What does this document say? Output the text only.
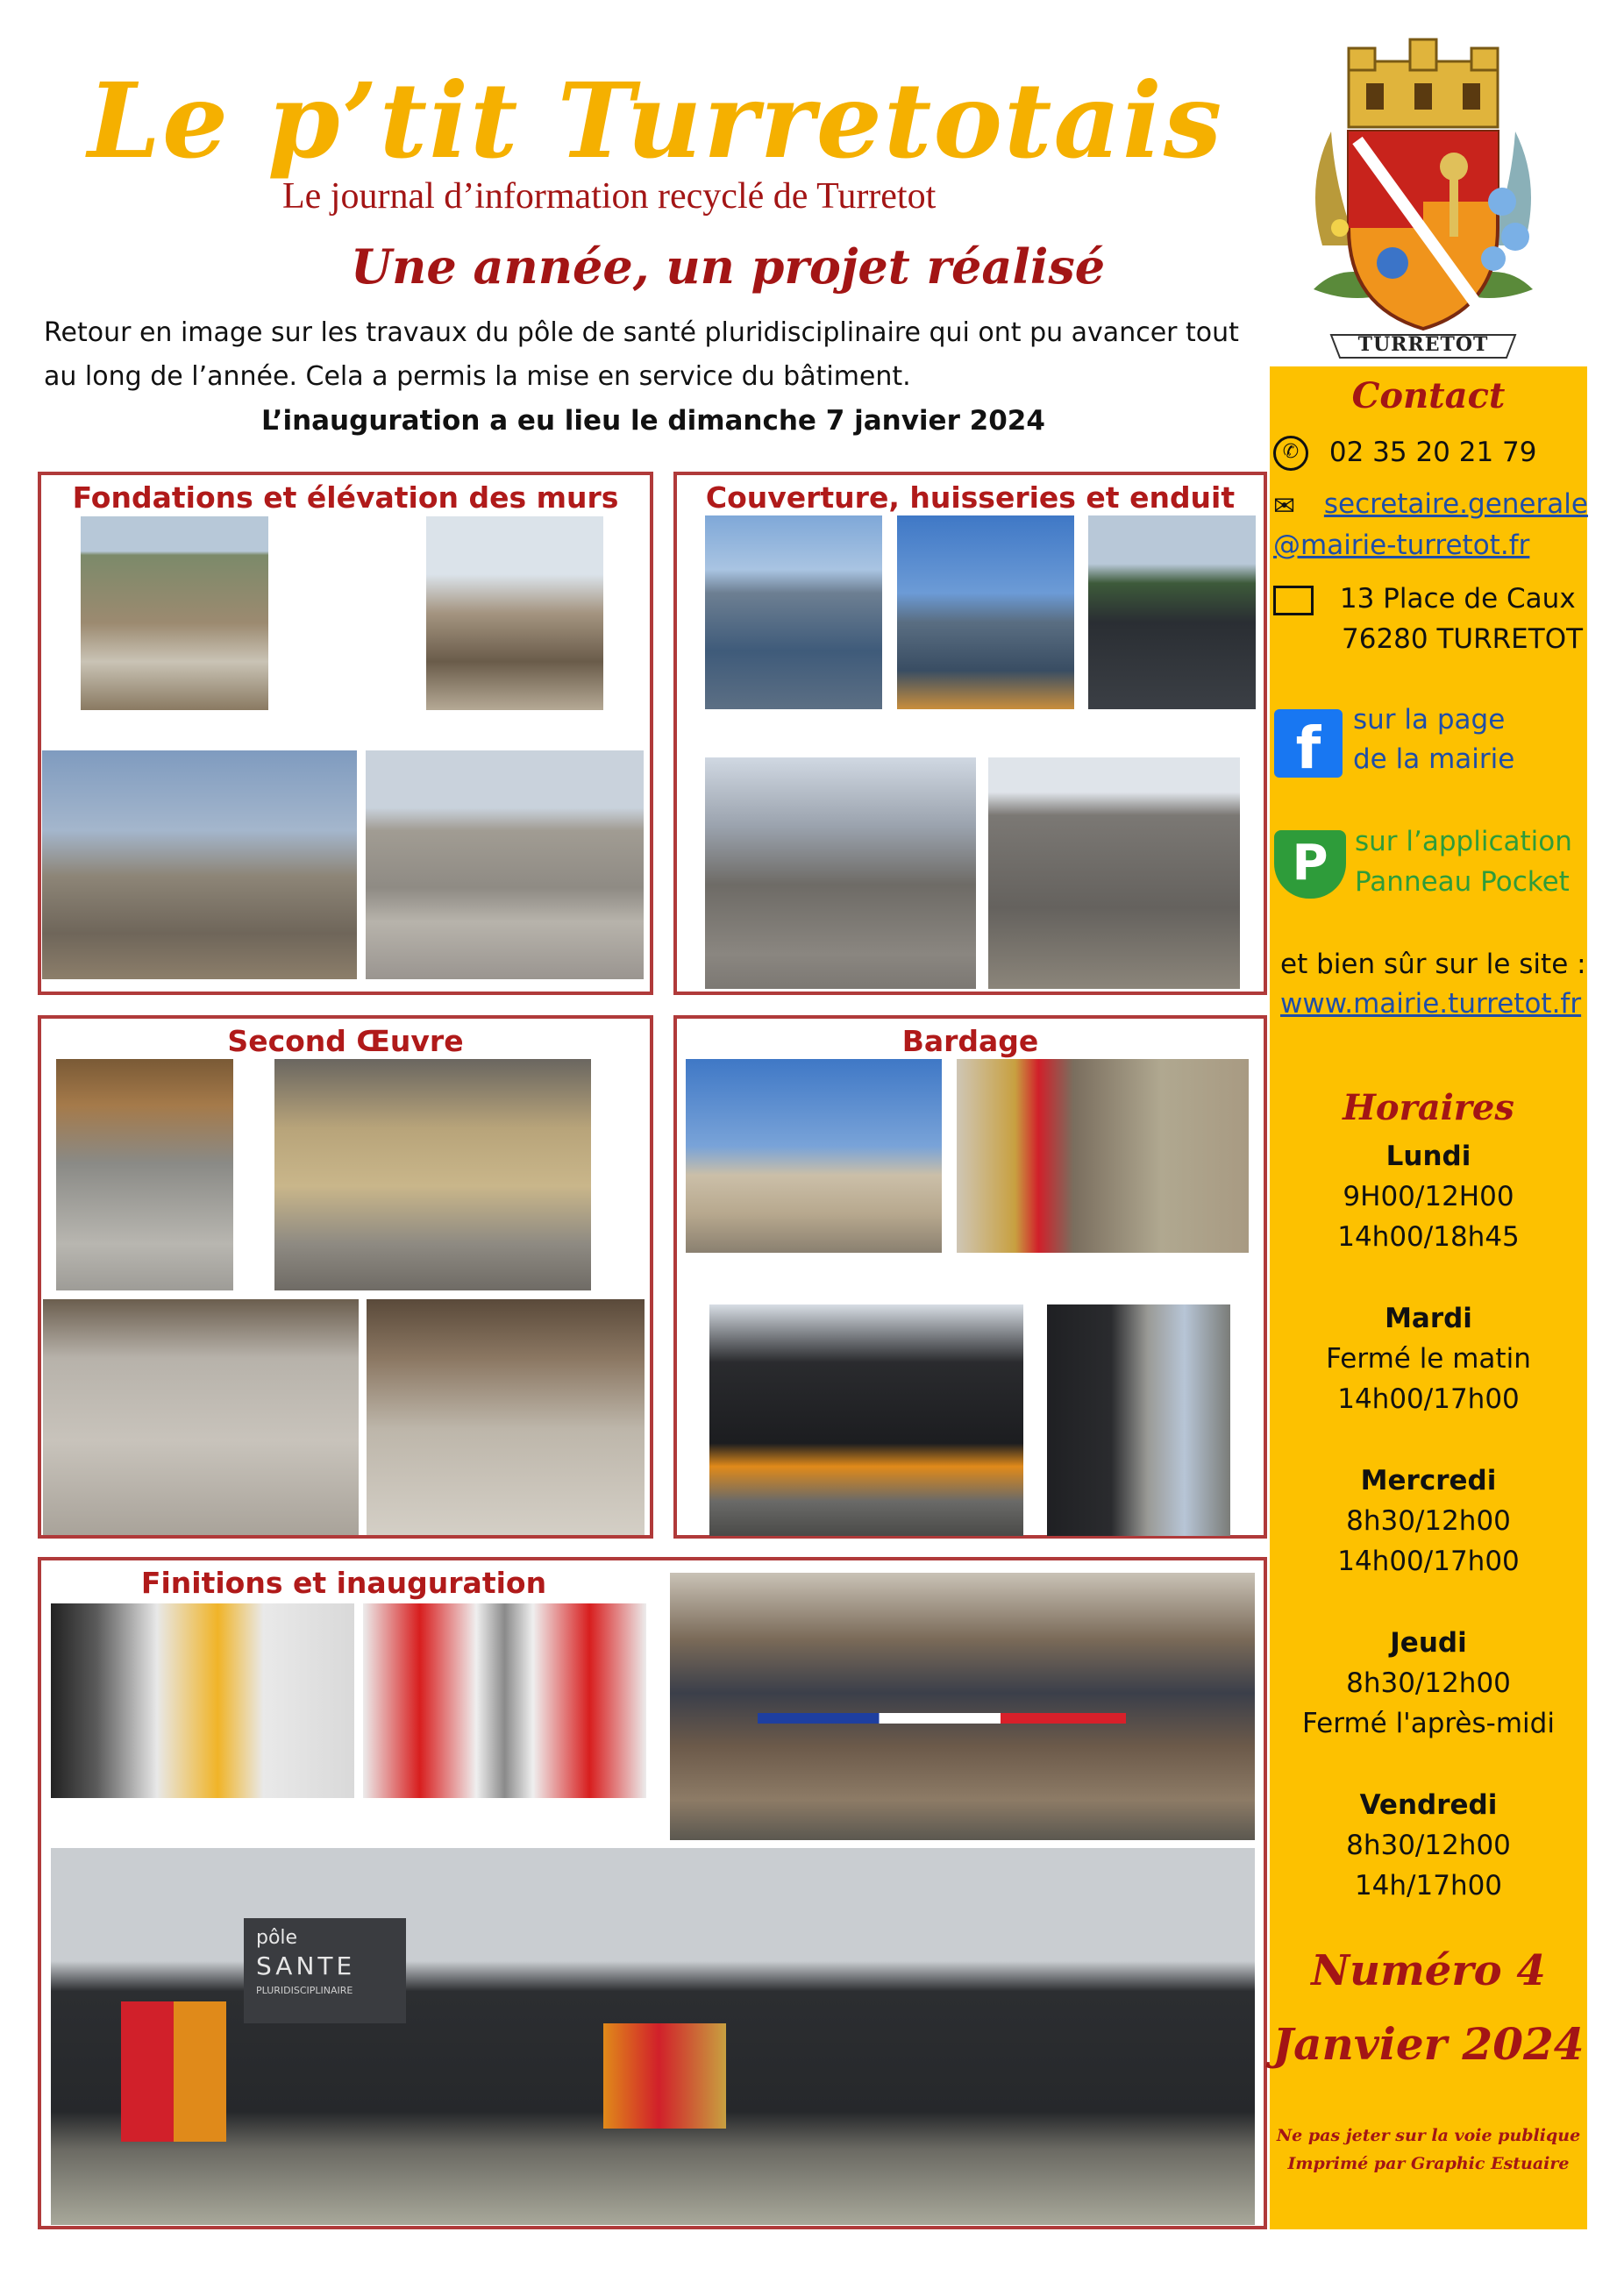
Le p’tit Turretotais
Le journal d’information recyclé de Turretot
Une année, un projet réalisé
Retour en image sur les travaux du pôle de santé pluridisciplinaire qui ont pu avancer tout au long de l’année. Cela a permis la mise en service du bâtiment.
L’inauguration a eu lieu le dimanche 7 janvier 2024
TURRETOT
Fondations et élévation des murs	Couverture, huisseries et enduit
Second Œuvre	Bardage
Finitions et inauguration
pôle
SANTE
PLURIDISCIPLINAIRE
Contact
✆ 02 35 20 21 79
✉ secretaire.generale
@mairie-turretot.fr
13 Place de Caux
76280 TURRETOT
f	sur la page
de la mairie
P sur l’application
Panneau Pocket
et bien sûr sur le site :
www.mairie.turretot.fr
Horaires
Lundi
9H00/12H00
14h00/18h45
Mardi
Fermé le matin
14h00/17h00
Mercredi
8h30/12h00
14h00/17h00
Jeudi
8h30/12h00
Fermé l'après-midi
Vendredi
8h30/12h00
14h/17h00
Numéro 4
Janvier 2024
Ne pas jeter sur la voie publique
Imprimé par Graphic Estuaire
